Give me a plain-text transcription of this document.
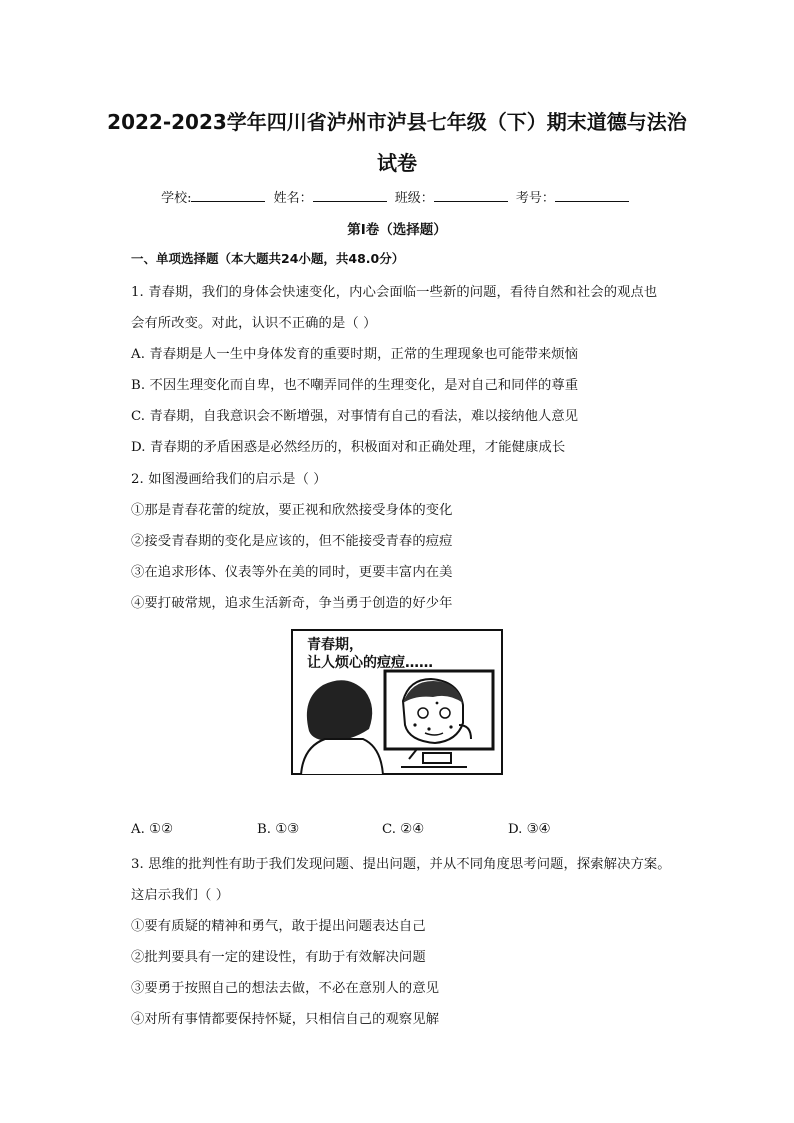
2022-2023学年四川省泸州市泸县七年级（下）期末道德与法治
试卷
学校:	姓名：	班级：	考号：
第I卷（选择题）
一、单项选择题（本大题共24小题，共48.0分）
1. 青春期，我们的身体会快速变化，内心会面临一些新的问题，看待自然和社会的观点也
会有所改变。对此，认识不正确的是（ ）
A. 青春期是人一生中身体发育的重要时期，正常的生理现象也可能带来烦恼
B. 不因生理变化而自卑，也不嘲弄同伴的生理变化，是对自己和同伴的尊重
C. 青春期，自我意识会不断增强，对事情有自己的看法，难以接纳他人意见
D. 青春期的矛盾困惑是必然经历的，积极面对和正确处理，才能健康成长
2. 如图漫画给我们的启示是（ ）
①那是青春花蕾的绽放，要正视和欣然接受身体的变化
②接受青春期的变化是应该的，但不能接受青春的痘痘
③在追求形体、仪表等外在美的同时，更要丰富内在美
④要打破常规，追求生活新奇，争当勇于创造的好少年
青春期，
让人烦心的痘痘……
A. ①②	B. ①③	C. ②④	D. ③④
3. 思维的批判性有助于我们发现问题、提出问题，并从不同角度思考问题，探索解决方案。
这启示我们（ ）
①要有质疑的精神和勇气，敢于提出问题表达自己
②批判要具有一定的建设性，有助于有效解决问题
③要勇于按照自己的想法去做，不必在意别人的意见
④对所有事情都要保持怀疑，只相信自己的观察见解
